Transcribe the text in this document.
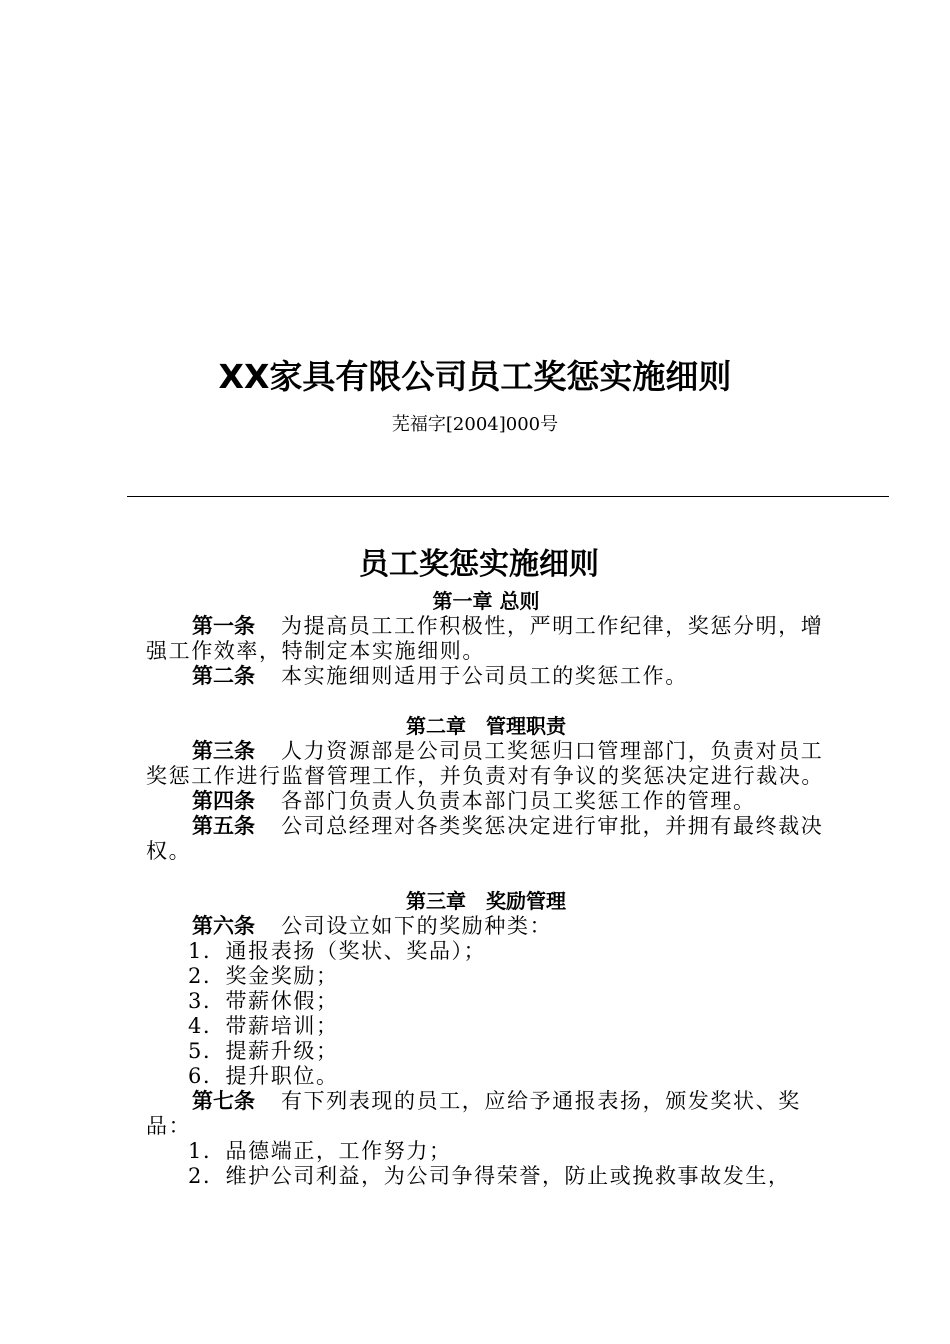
XX家具有限公司员工奖惩实施细则
芜福字[2004]000号
员工奖惩实施细则
第一章 总则

第一条 为提高员工工作积极性，严明工作纪律，奖惩分明，增强工作效率，特制定本实施细则。

第二条 本实施细则适用于公司员工的奖惩工作。

第二章　管理职责

第三条 人力资源部是公司员工奖惩归口管理部门，负责对员工奖惩工作进行监督管理工作，并负责对有争议的奖惩决定进行裁决。

第四条 各部门负责人负责本部门员工奖惩工作的管理。

第五条 公司总经理对各类奖惩决定进行审批，并拥有最终裁决权。

第三章　奖励管理

第六条 公司设立如下的奖励种类：

1．通报表扬（奖状、奖品）；

2．奖金奖励；

3．带薪休假；

4．带薪培训；

5．提薪升级；

6．提升职位。

第七条 有下列表现的员工，应给予通报表扬，颁发奖状、奖品：

1．品德端正，工作努力；

2．维护公司利益，为公司争得荣誉，防止或挽救事故发生，
